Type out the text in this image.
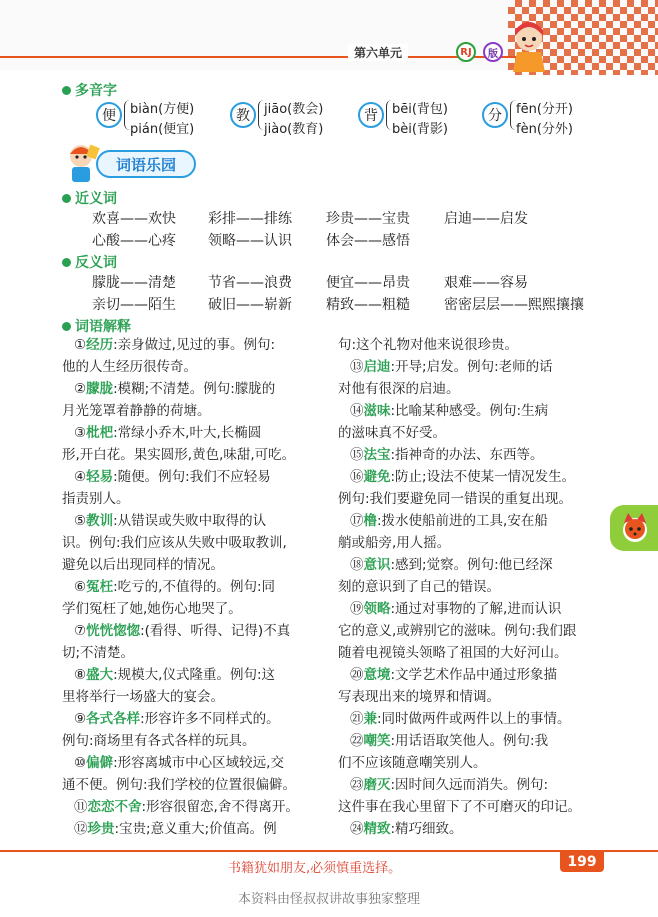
第六单元	RJ	版
多音字
便	biàn(方便)
pián(便宜)
教	jiāo(教会)
jiào(教育)
背	bēi(背包)
bèi(背影)
分	fēn(分开)
fèn(分外)
词语乐园
近义词
欢喜——欢快 彩排——排练 珍贵——宝贵 启迪——启发
心酸——心疼 领略——认识 体会——感悟
反义词
朦胧——清楚 节省——浪费 便宜——昂贵 艰难——容易
亲切——陌生 破旧——崭新 精致——粗糙 密密层层——熙熙攘攘
词语解释
①经历:亲身做过,见过的事。例句:
他的人生经历很传奇。
②朦胧:模糊;不清楚。例句:朦胧的
月光笼罩着静静的荷塘。
③枇杷:常绿小乔木,叶大,长椭圆
形,开白花。果实圆形,黄色,味甜,可吃。
④轻易:随便。例句:我们不应轻易
指责别人。
⑤教训:从错误或失败中取得的认
识。例句:我们应该从失败中吸取教训,
避免以后出现同样的情况。
⑥冤枉:吃亏的,不值得的。例句:同
学们冤枉了她,她伤心地哭了。
⑦恍恍惚惚:(看得、听得、记得)不真
切;不清楚。
⑧盛大:规模大,仪式隆重。例句:这
里将举行一场盛大的宴会。
⑨各式各样:形容许多不同样式的。
例句:商场里有各式各样的玩具。
⑩偏僻:形容离城市中心区域较远,交
通不便。例句:我们学校的位置很偏僻。
⑪恋恋不舍:形容很留恋,舍不得离开。
⑫珍贵:宝贵;意义重大;价值高。例
句:这个礼物对他来说很珍贵。
⑬启迪:开导;启发。例句:老师的话
对他有很深的启迪。
⑭滋味:比喻某种感受。例句:生病
的滋味真不好受。
⑮法宝:指神奇的办法、东西等。
⑯避免:防止;设法不使某一情况发生。
例句:我们要避免同一错误的重复出现。
⑰橹:拨水使船前进的工具,安在船
艄或船旁,用人摇。
⑱意识:感到;觉察。例句:他已经深
刻的意识到了自己的错误。
⑲领略:通过对事物的了解,进而认识
它的意义,或辨别它的滋味。例句:我们跟
随着电视镜头领略了祖国的大好河山。
⑳意境:文学艺术作品中通过形象描
写表现出来的境界和情调。
㉑兼:同时做两件或两件以上的事情。
㉒嘲笑:用话语取笑他人。例句:我
们不应该随意嘲笑别人。
㉓磨灭:因时间久远而消失。例句:
这件事在我心里留下了不可磨灭的印记。
㉔精致:精巧细致。
书籍犹如朋友,必须慎重选择。	199
本资料由怪叔叔讲故事独家整理
